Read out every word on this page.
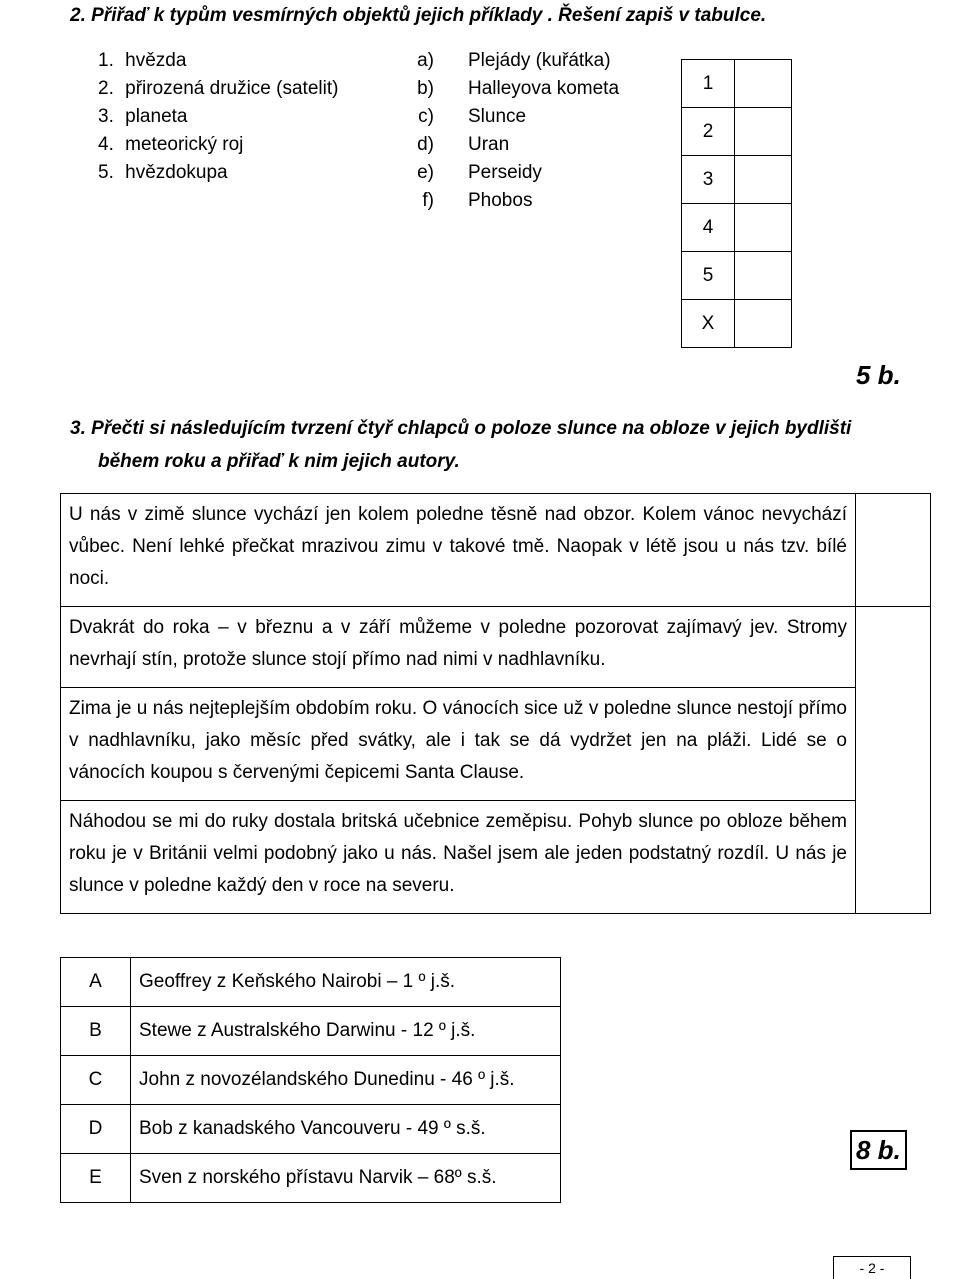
2. Přiřaď k typům vesmírných objektů jejich příklady . Řešení zapiš v tabulce.
1. hvězda
2. přirozená družice (satelit)
3. planeta
4. meteorický roj
5. hvězdokupa
a) Plejády (kuřátka)
b) Halleyova kometa
c) Slunce
d) Uran
e) Perseidy
f) Phobos
1	
2	
3	
4	
5	
X	
5 b.
3. Přečti si následujícím tvrzení čtyř chlapců o poloze slunce na obloze v jejich bydlišti
během roku a přiřaď k nim jejich autory.
U nás v zimě slunce vychází jen kolem poledne těsně nad obzor. Kolem vánoc nevychází vůbec. Není lehké přečkat mrazivou zimu v takové tmě. Naopak v létě jsou u nás tzv. bílé noci.	
Dvakrát do roka – v březnu a v září můžeme v poledne pozorovat zajímavý jev. Stromy nevrhají stín, protože slunce stojí přímo nad nimi v nadhlavníku.	
Zima je u nás nejteplejším obdobím roku. O vánocích sice už v poledne slunce nestojí přímo v nadhlavníku, jako měsíc před svátky, ale i tak se dá vydržet jen na pláži. Lidé se o vánocích koupou s červenými čepicemi Santa Clause.	
Náhodou se mi do ruky dostala britská učebnice zeměpisu. Pohyb slunce po obloze během roku je v Británii velmi podobný jako u nás. Našel jsem ale jeden podstatný rozdíl. U nás je slunce v poledne každý den v roce na severu.	
A	Geoffrey z Keňského Nairobi – 1 º j.š.
B	Stewe z Australského Darwinu - 12 º j.š.
C	John z novozélandského Dunedinu - 46 º j.š.
D	Bob z kanadského Vancouveru - 49 º s.š.
E	Sven z norského přístavu Narvik – 68º s.š.
8 b.
- 2 -
